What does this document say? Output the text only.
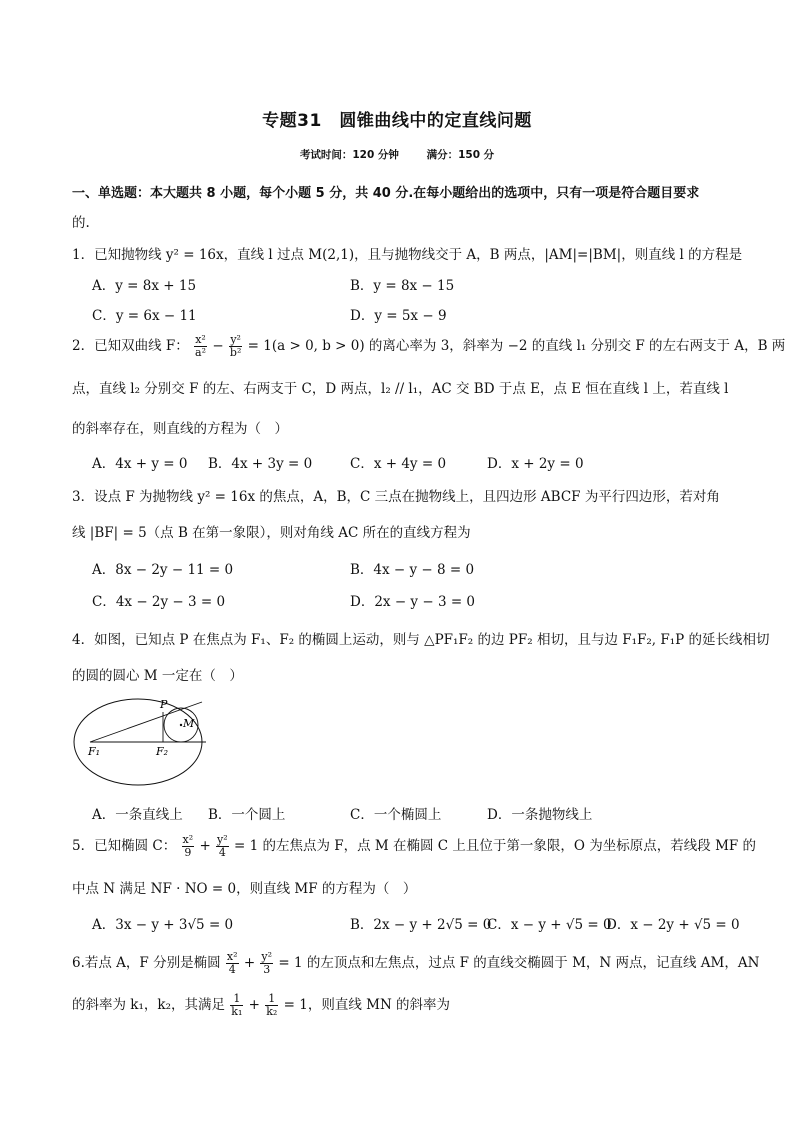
专题31　圆锥曲线中的定直线问题
考试时间：120 分钟	满分：150 分
一、单选题：本大题共 8 小题，每个小题 5 分，共 40 分.在每小题给出的选项中，只有一项是符合题目要求
的.
1．已知抛物线 y² = 16x，直线 l 过点 M(2,1)，且与抛物线交于 A，B 两点，|AM|=|BM|，则直线 l 的方程是
A．y = 8x + 15	B．y = 8x − 15
C．y = 6x − 11	D．y = 5x − 9
2．已知双曲线 F： $\frac{\text{x²}}{\text{a²}} - \frac{\text{y²}}{\text{b²}} = 1(a > 0$, b > 0) 的离心率为 3，斜率为 −2 的直线 l₁ 分别交 F 的左右两支于 A，B 两
点，直线 l₂ 分别交 F 的左、右两支于 C，D 两点，l₂ // l₁，AC 交 BD 于点 E，点 E 恒在直线 l 上，若直线 l
的斜率存在，则直线的方程为（　）
A．4x + y = 0 B．4x + 3y = 0	C．x + 4y = 0	D．x + 2y = 0
3．设点 F 为抛物线 y² = 16x 的焦点，A，B，C 三点在抛物线上，且四边形 ABCF 为平行四边形，若对角
线 |BF| = 5（点 B 在第一象限），则对角线 AC 所在的直线方程为
A．8x − 2y − 11 = 0	B．4x − y − 8 = 0
C．4x − 2y − 3 = 0	D．2x − y − 3 = 0
4．如图，已知点 P 在焦点为 F₁、F₂ 的椭圆上运动，则与 △PF₁F₂ 的边 PF₂ 相切，且与边 F₁F₂, F₁P 的延长线相切
的圆的圆心 M 一定在（　）
P
M
F₁	F₂
A．一条直线上 B．一个圆上	C．一个椭圆上	D．一条抛物线上
5．已知椭圆 C： $\frac{\text{x²}}{9} + \frac{\text{y²}}{4} = 1$ 的左焦点为 F，点 M 在椭圆 C 上且位于第一象限，O 为坐标原点，若线段 MF 的
中点 N 满足 NF · NO = 0，则直线 MF 的方程为（　）
A．3x − y + 3√5 = 0	B．2x − y + 2√5 = 0
C．x − y + √5 = 0
D．x − 2y + √5 = 0
6.若点 A，F 分别是椭圆 $\frac{\text{x²}}{4} + \frac{\text{y²}}{3} = 1$ 的左顶点和左焦点，过点 F 的直线交椭圆于 M，N 两点，记直线 AM，AN
的斜率为 k₁，k₂，其满足 $\frac{1}{\text{k₁}} + \frac{1}{\text{k₂}} = 1$，则直线 MN 的斜率为
